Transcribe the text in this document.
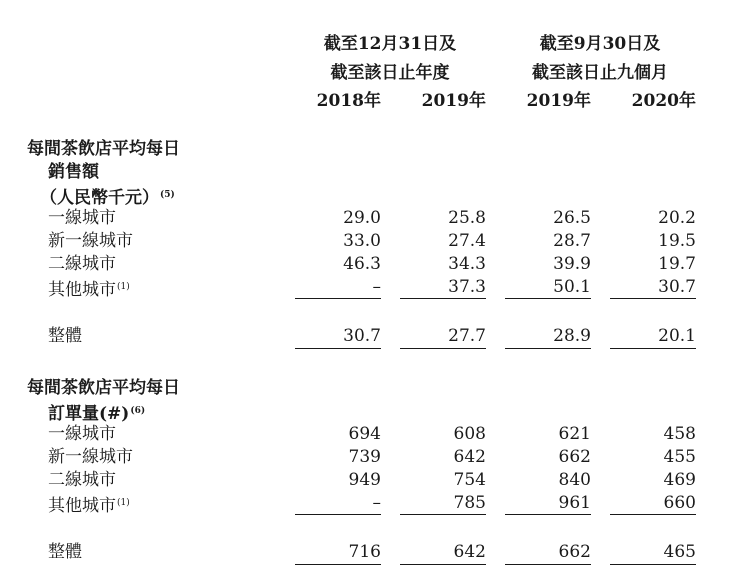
截至12月31日及
截至該日止年度
截至9月30日及
截至該日止九個月
2018年	2019年	2019年	2020年
每間茶飲店平均每日
銷售額
（人民幣千元）$^{(5)}$
每間茶飲店平均每日
訂單量(#)$^{(6)}$
一線城市	29.0	25.8	26.5	20.2
新一線城市	33.0	27.4	28.7	19.5
二線城市	46.3	34.3	39.9	19.7
其他城市$^{(1)}$	–	37.3	50.1	30.7
整體	30.7	27.7	28.9	20.1
一線城市	694	608	621	458
新一線城市	739	642	662	455
二線城市	949	754	840	469
其他城市$^{(1)}$	–	785	961	660
整體	716	642	662	465
